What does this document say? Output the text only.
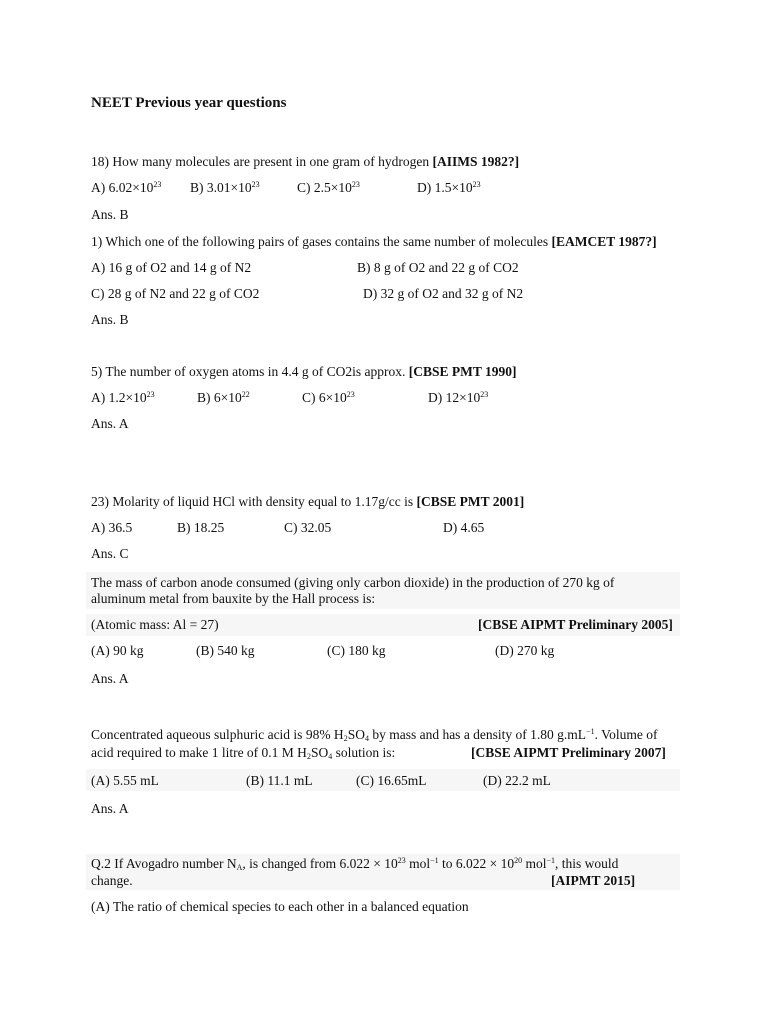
NEET Previous year questions
18) How many molecules are present in one gram of hydrogen [AIIMS 1982?]
A) $6.02\times 10^{23}$ B) $3.01\times 10^{23}$	C) $2.5\times 10^{23}$	D) $1.5\times 10^{23}$
Ans. B
1) Which one of the following pairs of gases contains the same number of molecules [EAMCET 1987?]
A) 16 g of O2 and 14 g of N2	B) 8 g of O2 and 22 g of CO2
C) 28 g of N2 and 22 g of CO2	D) 32 g of O2 and 32 g of N2
Ans. B
5) The number of oxygen atoms in 4.4 g of CO2is approx. [CBSE PMT 1990]
A) $1.2\times 10^{23}$	B) $6\times 10^{22}$	C) $6\times 10^{23}$	D) $12\times 10^{23}$
Ans. A
23) Molarity of liquid HCl with density equal to 1.17g/cc is [CBSE PMT 2001]
A) 36.5	B) 18.25	C) 32.05	D) 4.65
Ans. C
The mass of carbon anode consumed (giving only carbon dioxide) in the production of 270 kg of
aluminum metal from bauxite by the Hall process is:
(Atomic mass: Al = 27)	[CBSE AIPMT Preliminary 2005]
(A) 90 kg	(B) 540 kg	(C) 180 kg	(D) 270 kg
Ans. A
Concentrated aqueous sulphuric acid is 98% $H_2SO_4$ by mass and has a density of 1.80 $g.mL^{-1}$. Volume of
acid required to make 1 litre of 0.1 M $H_2SO_4$ solution is:	[CBSE AIPMT Preliminary 2007]
(A) 5.55 mL	(B) 11.1 mL	(C) 16.65mL	(D) 22.2 mL
Ans. A
Q.2 If Avogadro number $N_A$, is changed from $6.022 \times 10^{23}$ mol$^{-1}$ to $6.022 \times 10^{20}$ mol$^{-1}$, this would
change.	[AIPMT 2015]
(A) The ratio of chemical species to each other in a balanced equation
